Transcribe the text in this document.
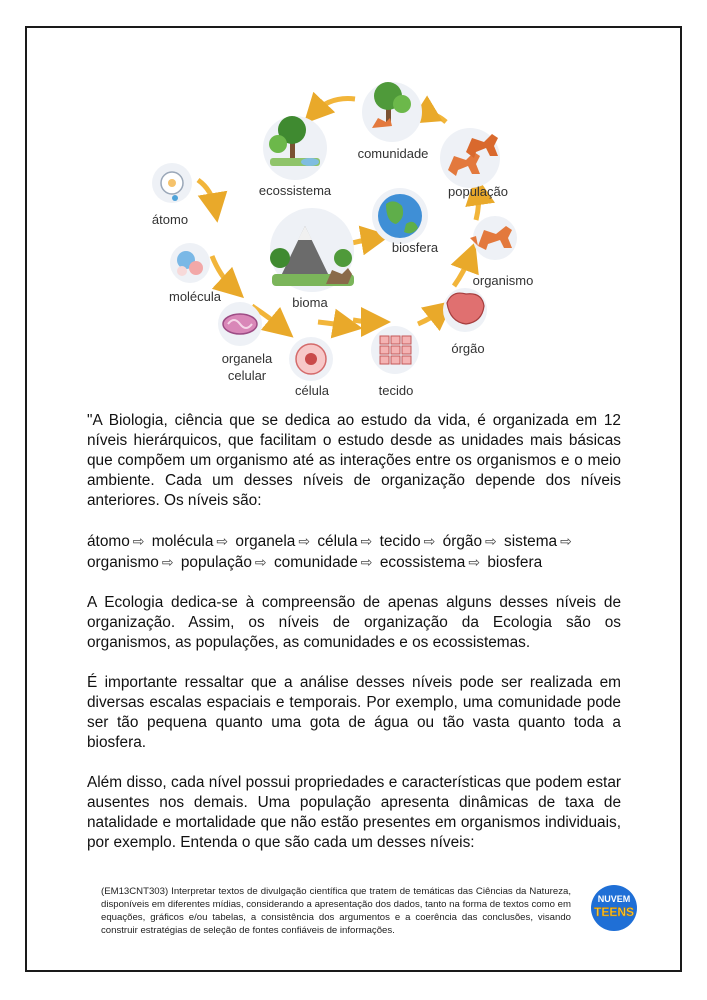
átomo
molécula
organela
celular
célula	tecido
órgão
organismo
população
comunidade
ecossistema
bioma
biosfera

"A Biologia, ciência que se dedica ao estudo da vida, é organizada em 12 níveis hierárquicos, que facilitam o estudo desde as unidades mais básicas que compõem um organismo até as interações entre os organismos e o meio ambiente. Cada um desses níveis de organização depende dos níveis anteriores. Os níveis são:

átomo ⇨ molécula ⇨ organela ⇨ célula ⇨ tecido ⇨ órgão ⇨ sistema ⇨ organismo ⇨ população ⇨ comunidade ⇨ ecossistema ⇨ biosfera

A Ecologia dedica-se à compreensão de apenas alguns desses níveis de organização. Assim, os níveis de organização da Ecologia são os organismos, as populações, as comunidades e os ecossistemas.

É importante ressaltar que a análise desses níveis pode ser realizada em diversas escalas espaciais e temporais. Por exemplo, uma comunidade pode ser tão pequena quanto uma gota de água ou tão vasta quanto toda a biosfera.

Além disso, cada nível possui propriedades e características que podem estar ausentes nos demais. Uma população apresenta dinâmicas de taxa de natalidade e mortalidade que não estão presentes em organismos individuais, por exemplo. Entenda o que são cada um desses níveis:

(EM13CNT303) Interpretar textos de divulgação científica que tratem de temáticas das Ciências da Natureza, disponíveis em diferentes mídias, considerando a apresentação dos dados, tanto na forma de textos como em equações, gráficos e/ou tabelas, a consistência dos argumentos e a coerência das conclusões, visando construir estratégias de seleção de fontes confiáveis de informações.
NUVEM
TEENS
